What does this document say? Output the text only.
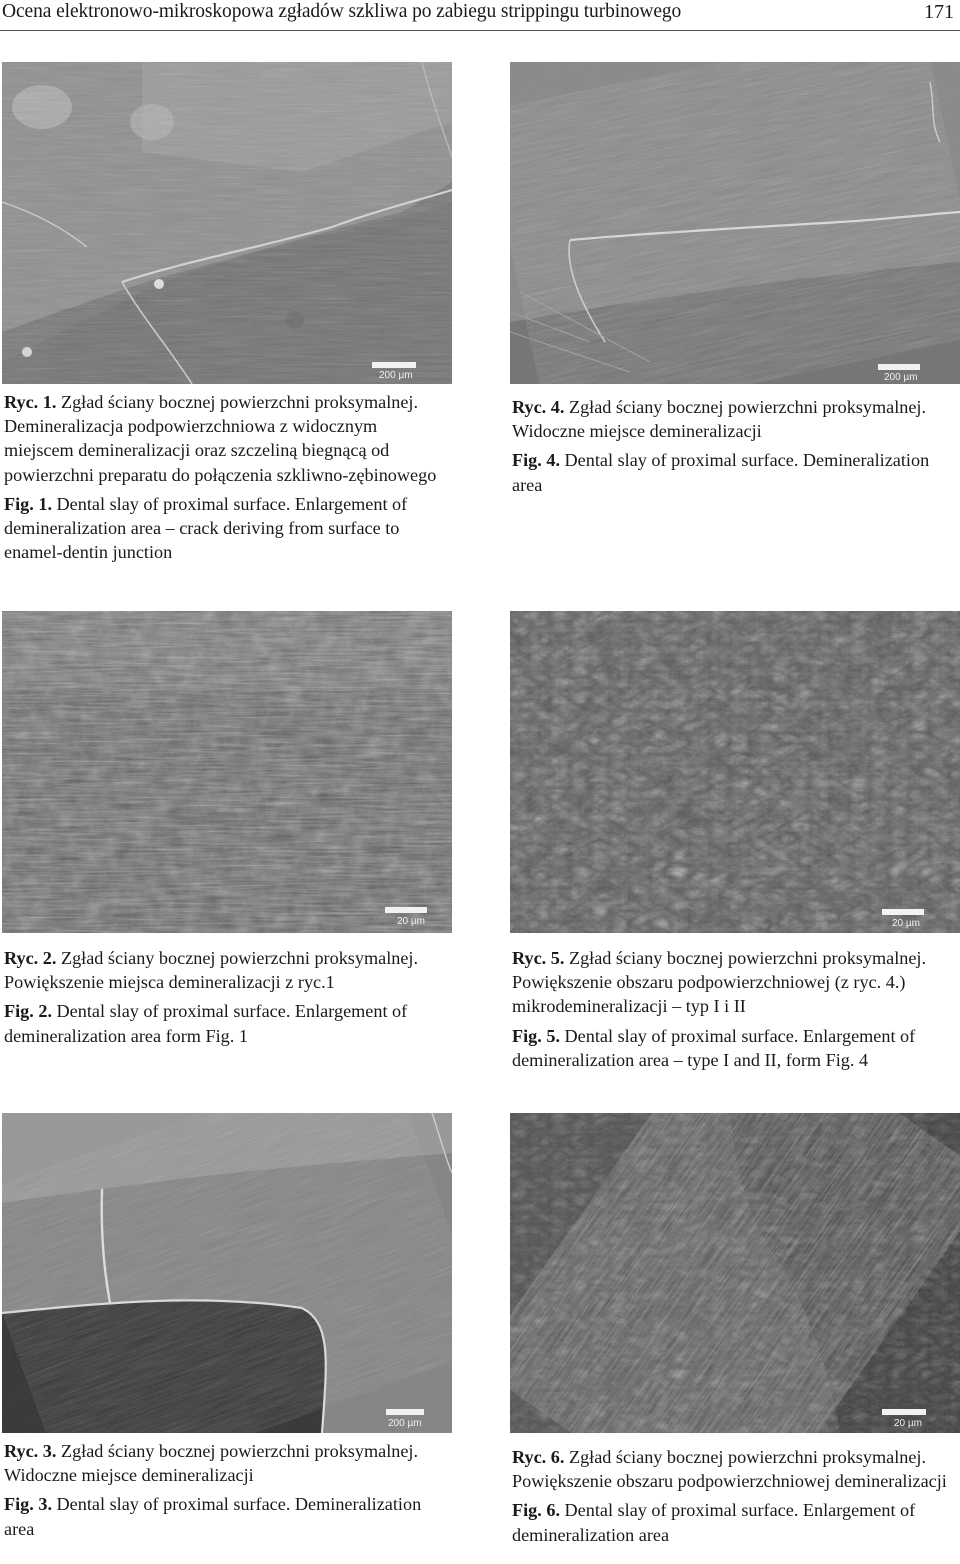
Ocena elektronowo-mikroskopowa zgładów szkliwa po zabiegu strippingu turbinowego	171
200 µm	200 µm
20 µm	20 µm
200 µm	20 µm

Ryc. 1. Zgład ściany bocznej powierzchni proksymalnej. Demineralizacja podpowierzchniowa z widocznym miejscem demineralizacji oraz szczeliną biegnącą od powierzchni preparatu do połączenia szkliwno-zębinowego

Fig. 1. Dental slay of proximal surface. Enlargement of demineralization area – crack deriving from surface to enamel-dentin junction

Ryc. 4. Zgład ściany bocznej powierzchni proksymalnej. Widoczne miejsce demineralizacji

Fig. 4. Dental slay of proximal surface. Demineralization area

Ryc. 2. Zgład ściany bocznej powierzchni proksymalnej. Powiększenie miejsca demineralizacji z ryc.1

Fig. 2. Dental slay of proximal surface. Enlargement of demineralization area form Fig. 1

Ryc. 5. Zgład ściany bocznej powierzchni proksymalnej. Powiększenie obszaru podpowierzchniowej (z ryc. 4.) mikrodemineralizacji – typ I i II

Fig. 5. Dental slay of proximal surface. Enlargement of demineralization area – type I and II, form Fig. 4

Ryc. 3. Zgład ściany bocznej powierzchni proksymalnej. Widoczne miejsce demineralizacji

Fig. 3. Dental slay of proximal surface. Demineralization area

Ryc. 6. Zgład ściany bocznej powierzchni proksymalnej. Powiększenie obszaru podpowierzchniowej demineralizacji

Fig. 6. Dental slay of proximal surface. Enlargement of demineralization area
